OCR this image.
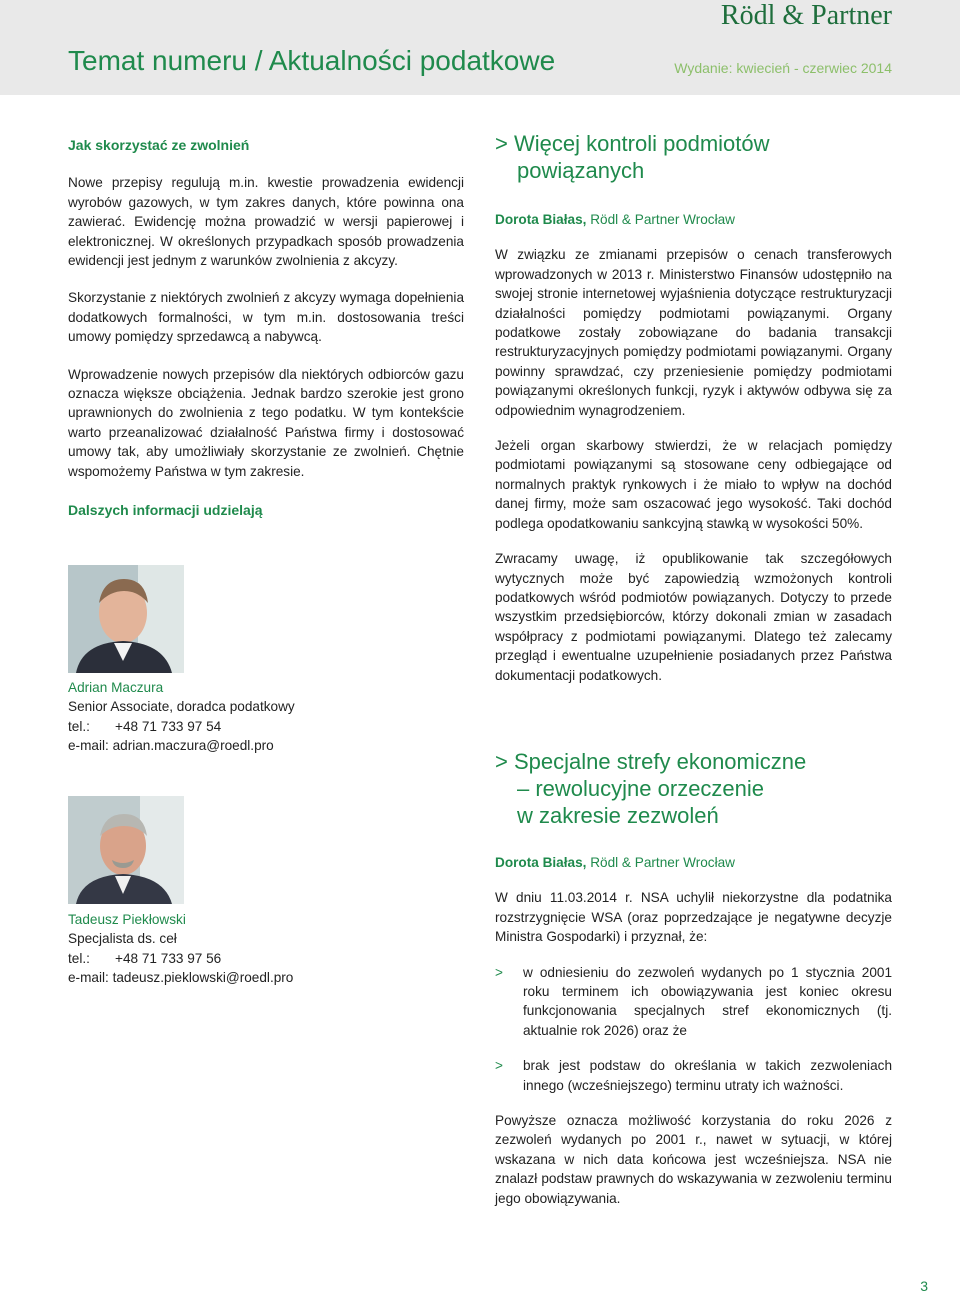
Rödl & Partner
Temat numeru / Aktualności podatkowe	Wydanie: kwiecień - czerwiec 2014
Jak skorzystać ze zwolnień

Nowe przepisy regulują m.in. kwestie prowadzenia ewidencji wyrobów gazowych, w tym zakres danych, które powinna ona zawierać. Ewidencję można prowadzić w wersji papierowej i elektronicznej. W określonych przypadkach sposób prowadzenia ewidencji jest jednym z warunków zwolnienia z akcyzy.

Skorzystanie z niektórych zwolnień z akcyzy wymaga dopełnienia dodatkowych formalności, w tym m.in. dostosowania treści umowy pomiędzy sprzedawcą a nabywcą.

Wprowadzenie nowych przepisów dla niektórych odbiorców gazu oznacza większe obciążenia. Jednak bardzo szerokie jest grono uprawnionych do zwolnienia z tego podatku. W tym kontekście warto przeanalizować działalność Państwa firmy i dostosować umowy tak, aby umożliwiały skorzystanie ze zwolnień. Chętnie wspomożemy Państwa w tym zakresie.

Dalszych informacji udzielają
Adrian Maczura
Senior Associate, doradca podatkowy
tel.: +48 71 733 97 54
e-mail: adrian.maczura@roedl.pro
Tadeusz Piekłowski
Specjalista ds. ceł
tel.: +48 71 733 97 56
e-mail: tadeusz.pieklowski@roedl.pro
> Więcej kontroli podmiotów
powiązanych
Dorota Białas, Rödl & Partner Wrocław

W związku ze zmianami przepisów o cenach transferowych wprowadzonych w 2013 r. Ministerstwo Finansów udostępniło na swojej stronie internetowej wyjaśnienia dotyczące restrukturyzacji działalności pomiędzy podmiotami powiązanymi. Organy podatkowe zostały zobowiązane do badania transakcji restrukturyzacyjnych pomiędzy podmiotami powiązanymi. Organy powinny sprawdzać, czy przeniesienie pomiędzy podmiotami powiązanymi określonych funkcji, ryzyk i aktywów odbywa się za odpowiednim wynagrodzeniem.

Jeżeli organ skarbowy stwierdzi, że w relacjach pomiędzy podmiotami powiązanymi są stosowane ceny odbiegające od normalnych praktyk rynkowych i że miało to wpływ na dochód danej firmy, może sam oszacować jego wysokość. Taki dochód podlega opodatkowaniu sankcyjną stawką w wysokości 50%.

Zwracamy uwagę, iż opublikowanie tak szczegółowych wytycznych może być zapowiedzią wzmożonych kontroli podatkowych wśród podmiotów powiązanych. Dotyczy to przede wszystkim przedsiębiorców, którzy dokonali zmian w zasadach współpracy z podmiotami powiązanymi. Dlatego też zalecamy przegląd i ewentualne uzupełnienie posiadanych przez Państwa dokumentacji podatkowych.

> Specjalne strefy ekonomiczne
– rewolucyjne orzeczenie
w zakresie zezwoleń
Dorota Białas, Rödl & Partner Wrocław

W dniu 11.03.2014 r. NSA uchylił niekorzystne dla podatnika rozstrzygnięcie WSA (oraz poprzedzające je negatywne decyzje Ministra Gospodarki) i przyznał, że:

> w odniesieniu do zezwoleń wydanych po 1 stycznia 2001 roku terminem ich obowiązywania jest koniec okresu funkcjonowania specjalnych stref ekonomicznych (tj. aktualnie rok 2026) oraz że

> brak jest podstaw do określania w takich zezwoleniach innego (wcześniejszego) terminu utraty ich ważności.

Powyższe oznacza możliwość korzystania do roku 2026 z zezwoleń wydanych po 2001 r., nawet w sytuacji, w której wskazana w nich data końcowa jest wcześniejsza. NSA nie znalazł podstaw prawnych do wskazywania w zezwoleniu terminu jego obowiązywania.

3
